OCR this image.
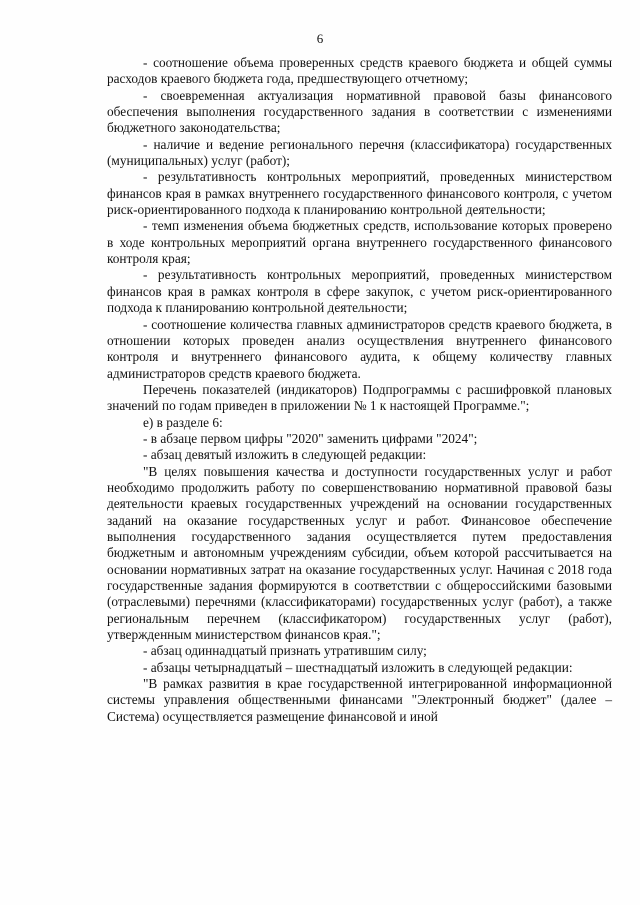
6

- соотношение объема проверенных средств краевого бюджета и общей суммы расходов краевого бюджета года, предшествующего отчетному;

- своевременная актуализация нормативной правовой базы финансового обеспечения выполнения государственного задания в соответствии с изменениями бюджетного законодательства;

- наличие и ведение регионального перечня (классификатора) государственных (муниципальных) услуг (работ);

- результативность контрольных мероприятий, проведенных министерством финансов края в рамках внутреннего государственного финансового контроля, с учетом риск-ориентированного подхода к планированию контрольной деятельности;

- темп изменения объема бюджетных средств, использование которых проверено в ходе контрольных мероприятий органа внутреннего государственного финансового контроля края;

- результативность контрольных мероприятий, проведенных министерством финансов края в рамках контроля в сфере закупок, с учетом риск-ориентированного подхода к планированию контрольной деятельности;

- соотношение количества главных администраторов средств краевого бюджета, в отношении которых проведен анализ осуществления внутреннего финансового контроля и внутреннего финансового аудита, к общему количеству главных администраторов средств краевого бюджета.

Перечень показателей (индикаторов) Подпрограммы с расшифровкой плановых значений по годам приведен в приложении № 1 к настоящей Программе.";

е) в разделе 6:

- в абзаце первом цифры "2020" заменить цифрами "2024";

- абзац девятый изложить в следующей редакции:

"В целях повышения качества и доступности государственных услуг и работ необходимо продолжить работу по совершенствованию нормативной правовой базы деятельности краевых государственных учреждений на основании государственных заданий на оказание государственных услуг и работ. Финансовое обеспечение выполнения государственного задания осуществляется путем предоставления бюджетным и автономным учреждениям субсидии, объем которой рассчитывается на основании нормативных затрат на оказание государственных услуг. Начиная с 2018 года государственные задания формируются в соответствии с общероссийскими базовыми (отраслевыми) перечнями (классификаторами) государственных услуг (работ), а также региональным перечнем (классификатором) государственных услуг (работ), утвержденным министерством финансов края.";

- абзац одиннадцатый признать утратившим силу;

- абзацы четырнадцатый – шестнадцатый изложить в следующей редакции:

"В рамках развития в крае государственной интегрированной информационной системы управления общественными финансами "Электронный бюджет" (далее – Система) осуществляется размещение финансовой и иной
